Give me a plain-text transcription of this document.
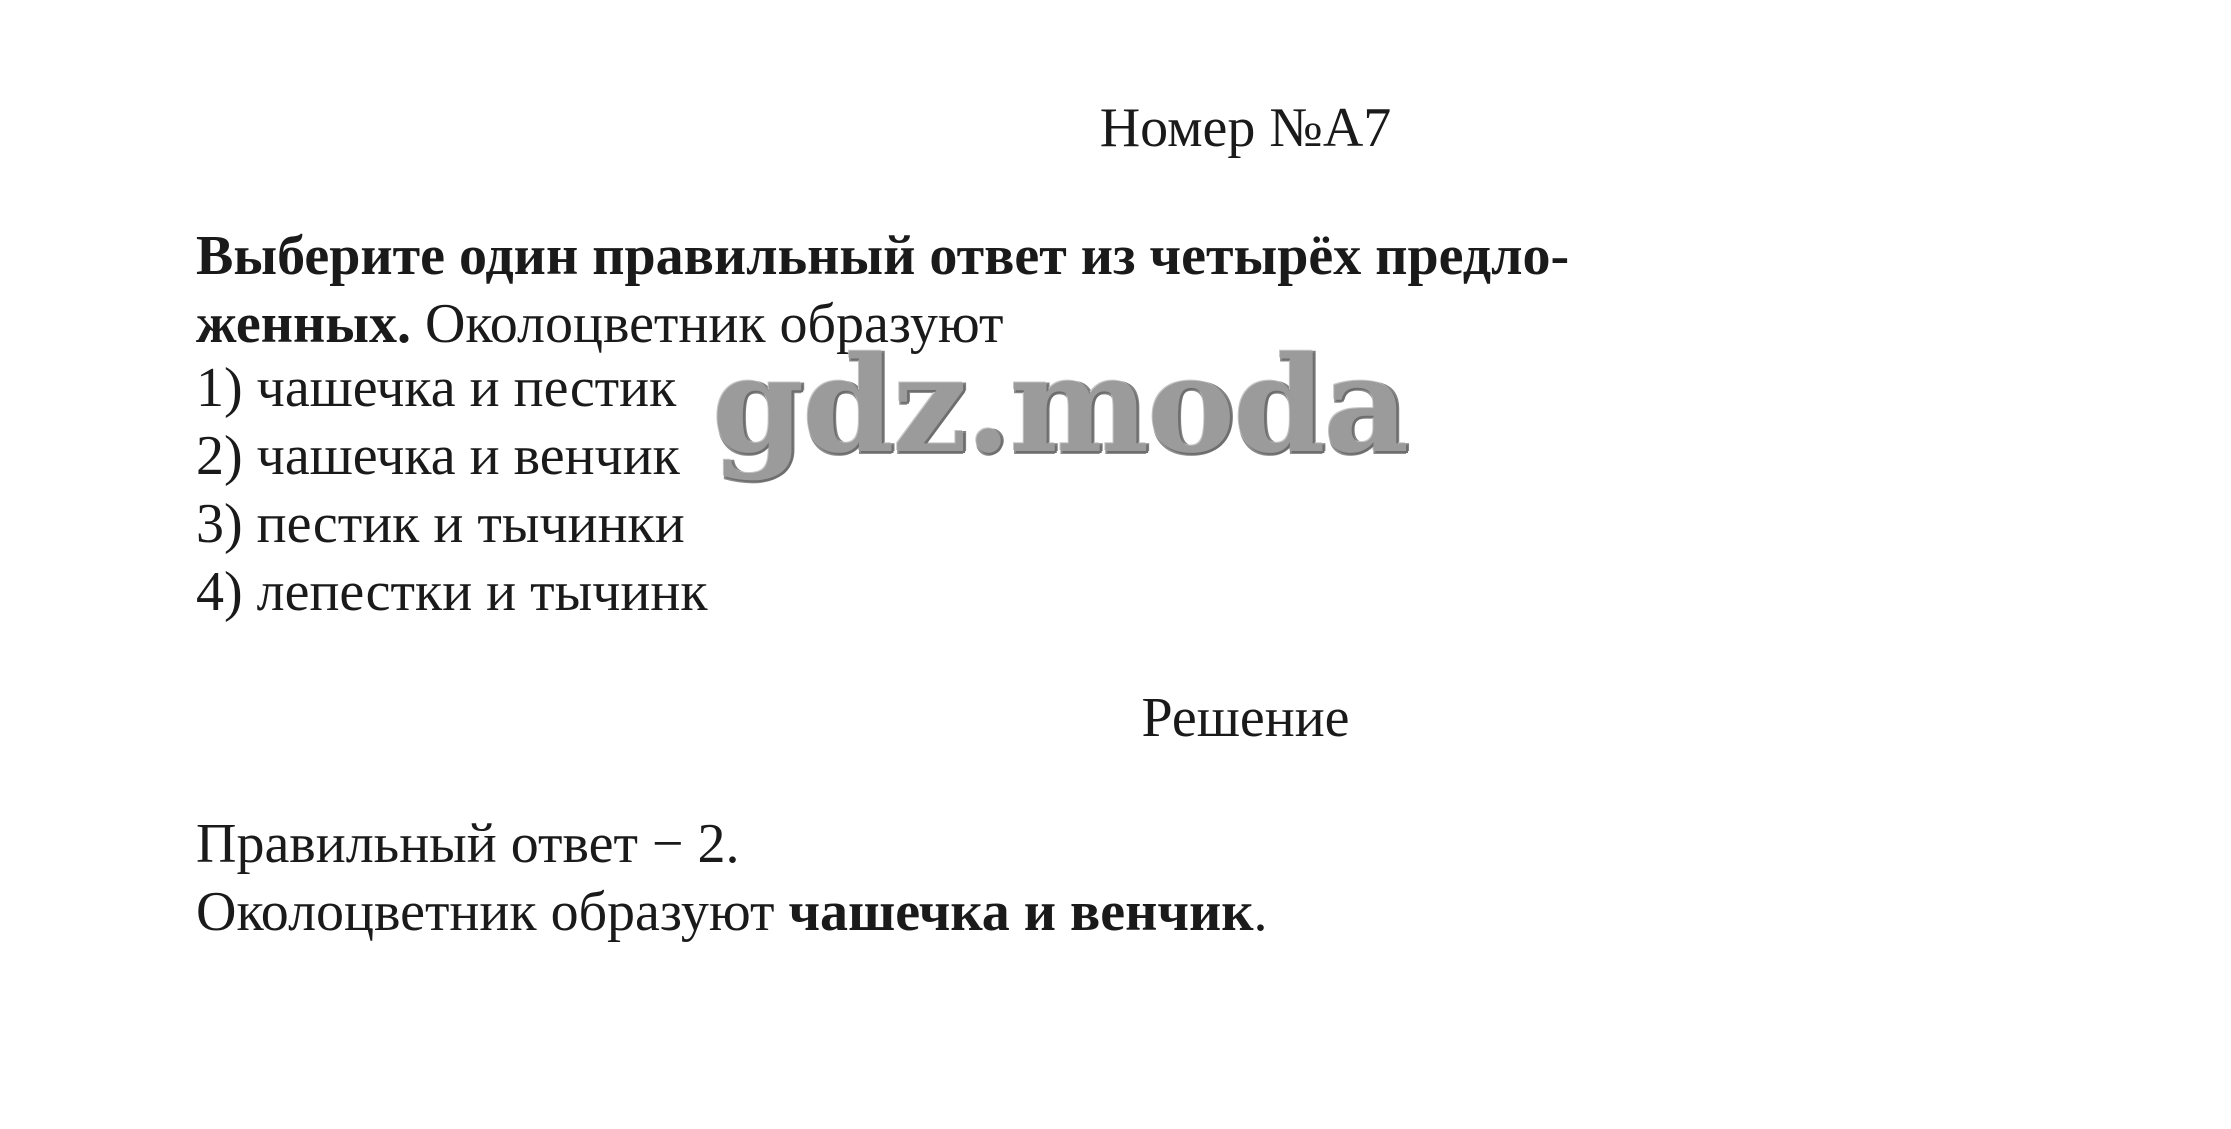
Номер №А7
Выберите один правильный ответ из четырёх предло-
женных. Околоцветник образуют
1) чашечка и пестик
2) чашечка и венчик
3) пестик и тычинки
4) лепестки и тычинк
gdz.moda
Решение
Правильный ответ − 2.
Околоцветник образуют чашечка и венчик.
